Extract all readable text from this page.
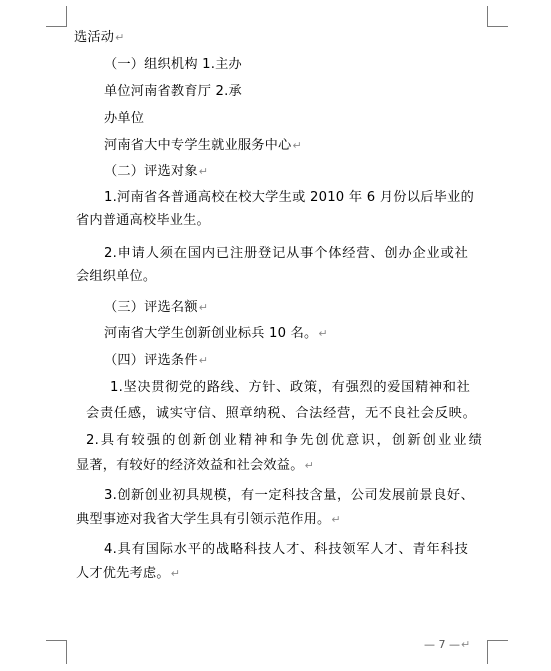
选活动↵
（一）组织机构 1.主办
单位河南省教育厅 2.承
办单位
河南省大中专学生就业服务中心↵
（二）评选对象↵
1.河南省各普通高校在校大学生或 2010 年 6 月份以后毕业的
省内普通高校毕业生。
2.申请人须在国内已注册登记从事个体经营、创办企业或社
会组织单位。
（三）评选名额↵
河南省大学生创新创业标兵 10 名。↵
（四）评选条件↵
1.坚决贯彻党的路线、方针、政策，有强烈的爱国精神和社
会责任感，诚实守信、照章纳税、合法经营，无不良社会反映。
2.具有较强的创新创业精神和争先创优意识，创新创业业绩
显著，有较好的经济效益和社会效益。↵
3.创新创业初具规模，有一定科技含量，公司发展前景良好、
典型事迹对我省大学生具有引领示范作用。↵
4.具有国际水平的战略科技人才、科技领军人才、青年科技
人才优先考虑。↵
— 7 —↵
